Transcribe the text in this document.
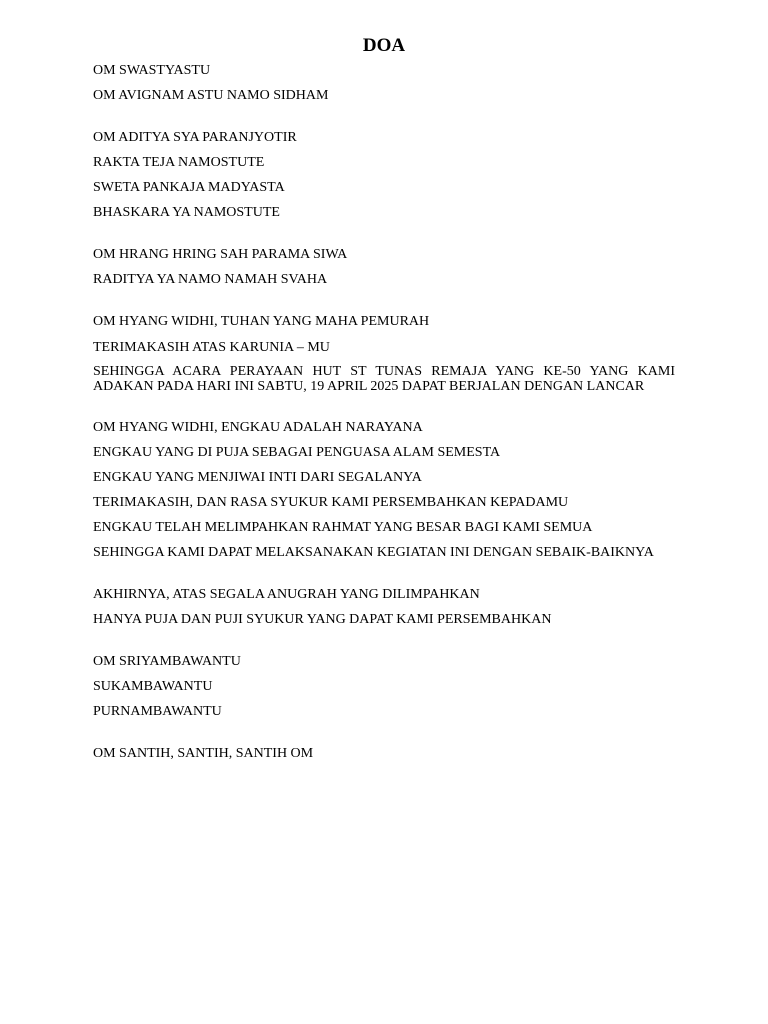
DOA
OM SWASTYASTU
OM AVIGNAM ASTU NAMO SIDHAM
OM ADITYA SYA PARANJYOTIR
RAKTA TEJA NAMOSTUTE
SWETA PANKAJA MADYASTA
BHASKARA YA NAMOSTUTE
OM HRANG HRING SAH PARAMA SIWA
RADITYA YA NAMO NAMAH SVAHA
OM HYANG WIDHI, TUHAN YANG MAHA PEMURAH
TERIMAKASIH ATAS KARUNIA – MU
SEHINGGA ACARA PERAYAAN HUT ST TUNAS REMAJA YANG KE-50 YANG KAMI ADAKAN PADA HARI INI SABTU, 19 APRIL 2025 DAPAT BERJALAN DENGAN LANCAR
OM HYANG WIDHI, ENGKAU ADALAH NARAYANA
ENGKAU YANG DI PUJA SEBAGAI PENGUASA ALAM SEMESTA
ENGKAU YANG MENJIWAI INTI DARI SEGALANYA
TERIMAKASIH, DAN RASA SYUKUR KAMI PERSEMBAHKAN KEPADAMU
ENGKAU TELAH MELIMPAHKAN RAHMAT YANG BESAR BAGI KAMI SEMUA
SEHINGGA KAMI DAPAT MELAKSANAKAN KEGIATAN INI DENGAN SEBAIK-BAIKNYA
AKHIRNYA, ATAS SEGALA ANUGRAH YANG DILIMPAHKAN
HANYA PUJA DAN PUJI SYUKUR YANG DAPAT KAMI PERSEMBAHKAN
OM SRIYAMBAWANTU
SUKAMBAWANTU
PURNAMBAWANTU
OM SANTIH, SANTIH, SANTIH OM
